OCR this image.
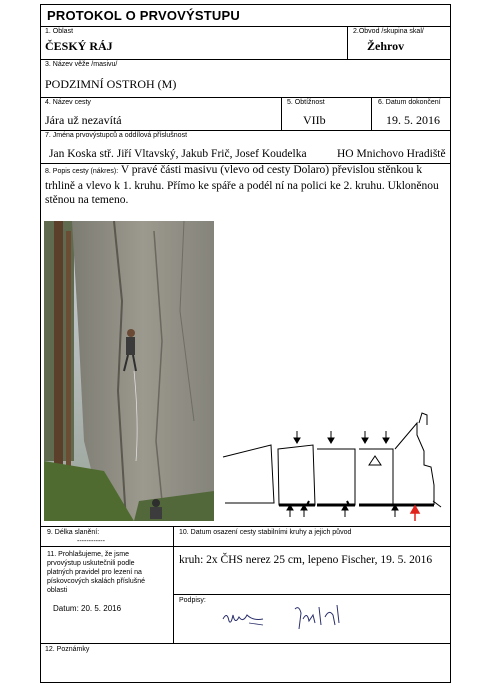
PROTOKOL O PRVOVÝSTUPU
1. Oblast
ČESKÝ RÁJ
2.Obvod /skupina skal/
Žehrov
3. Název věže /masivu/
PODZIMNÍ OSTROH (M)
4. Název cesty
Jára už nezavítá
5. Obtížnost
VIIb
6. Datum dokončení
19. 5. 2016
7. Jména prvovýstupců a oddílová příslušnost
Jan Koska stř. Jiří Vltavský, Jakub Frič, Josef Koudelka	HO Mnichovo Hradiště
8. Popis cesty (nákres): V pravé části masivu (vlevo od cesty Dolaro) převislou stěnkou k trhlině a vlevo k 1. kruhu. Přímo ke spáře a podél ní na polici ke 2. kruhu. Ukloněnou stěnou na temeno.
9. Délka slanění:
------------
10. Datum osazení cesty stabilními kruhy a jejich původ
11. Prohlašujeme, že jsme prvovýstup uskutečnili podle platných pravidel pro lezení na pískovcových skalách příslušné oblasti
kruh: 2x ČHS nerez 25 cm, lepeno Fischer, 19. 5. 2016
Podpisy:
Datum: 20. 5. 2016
12. Poznámky
